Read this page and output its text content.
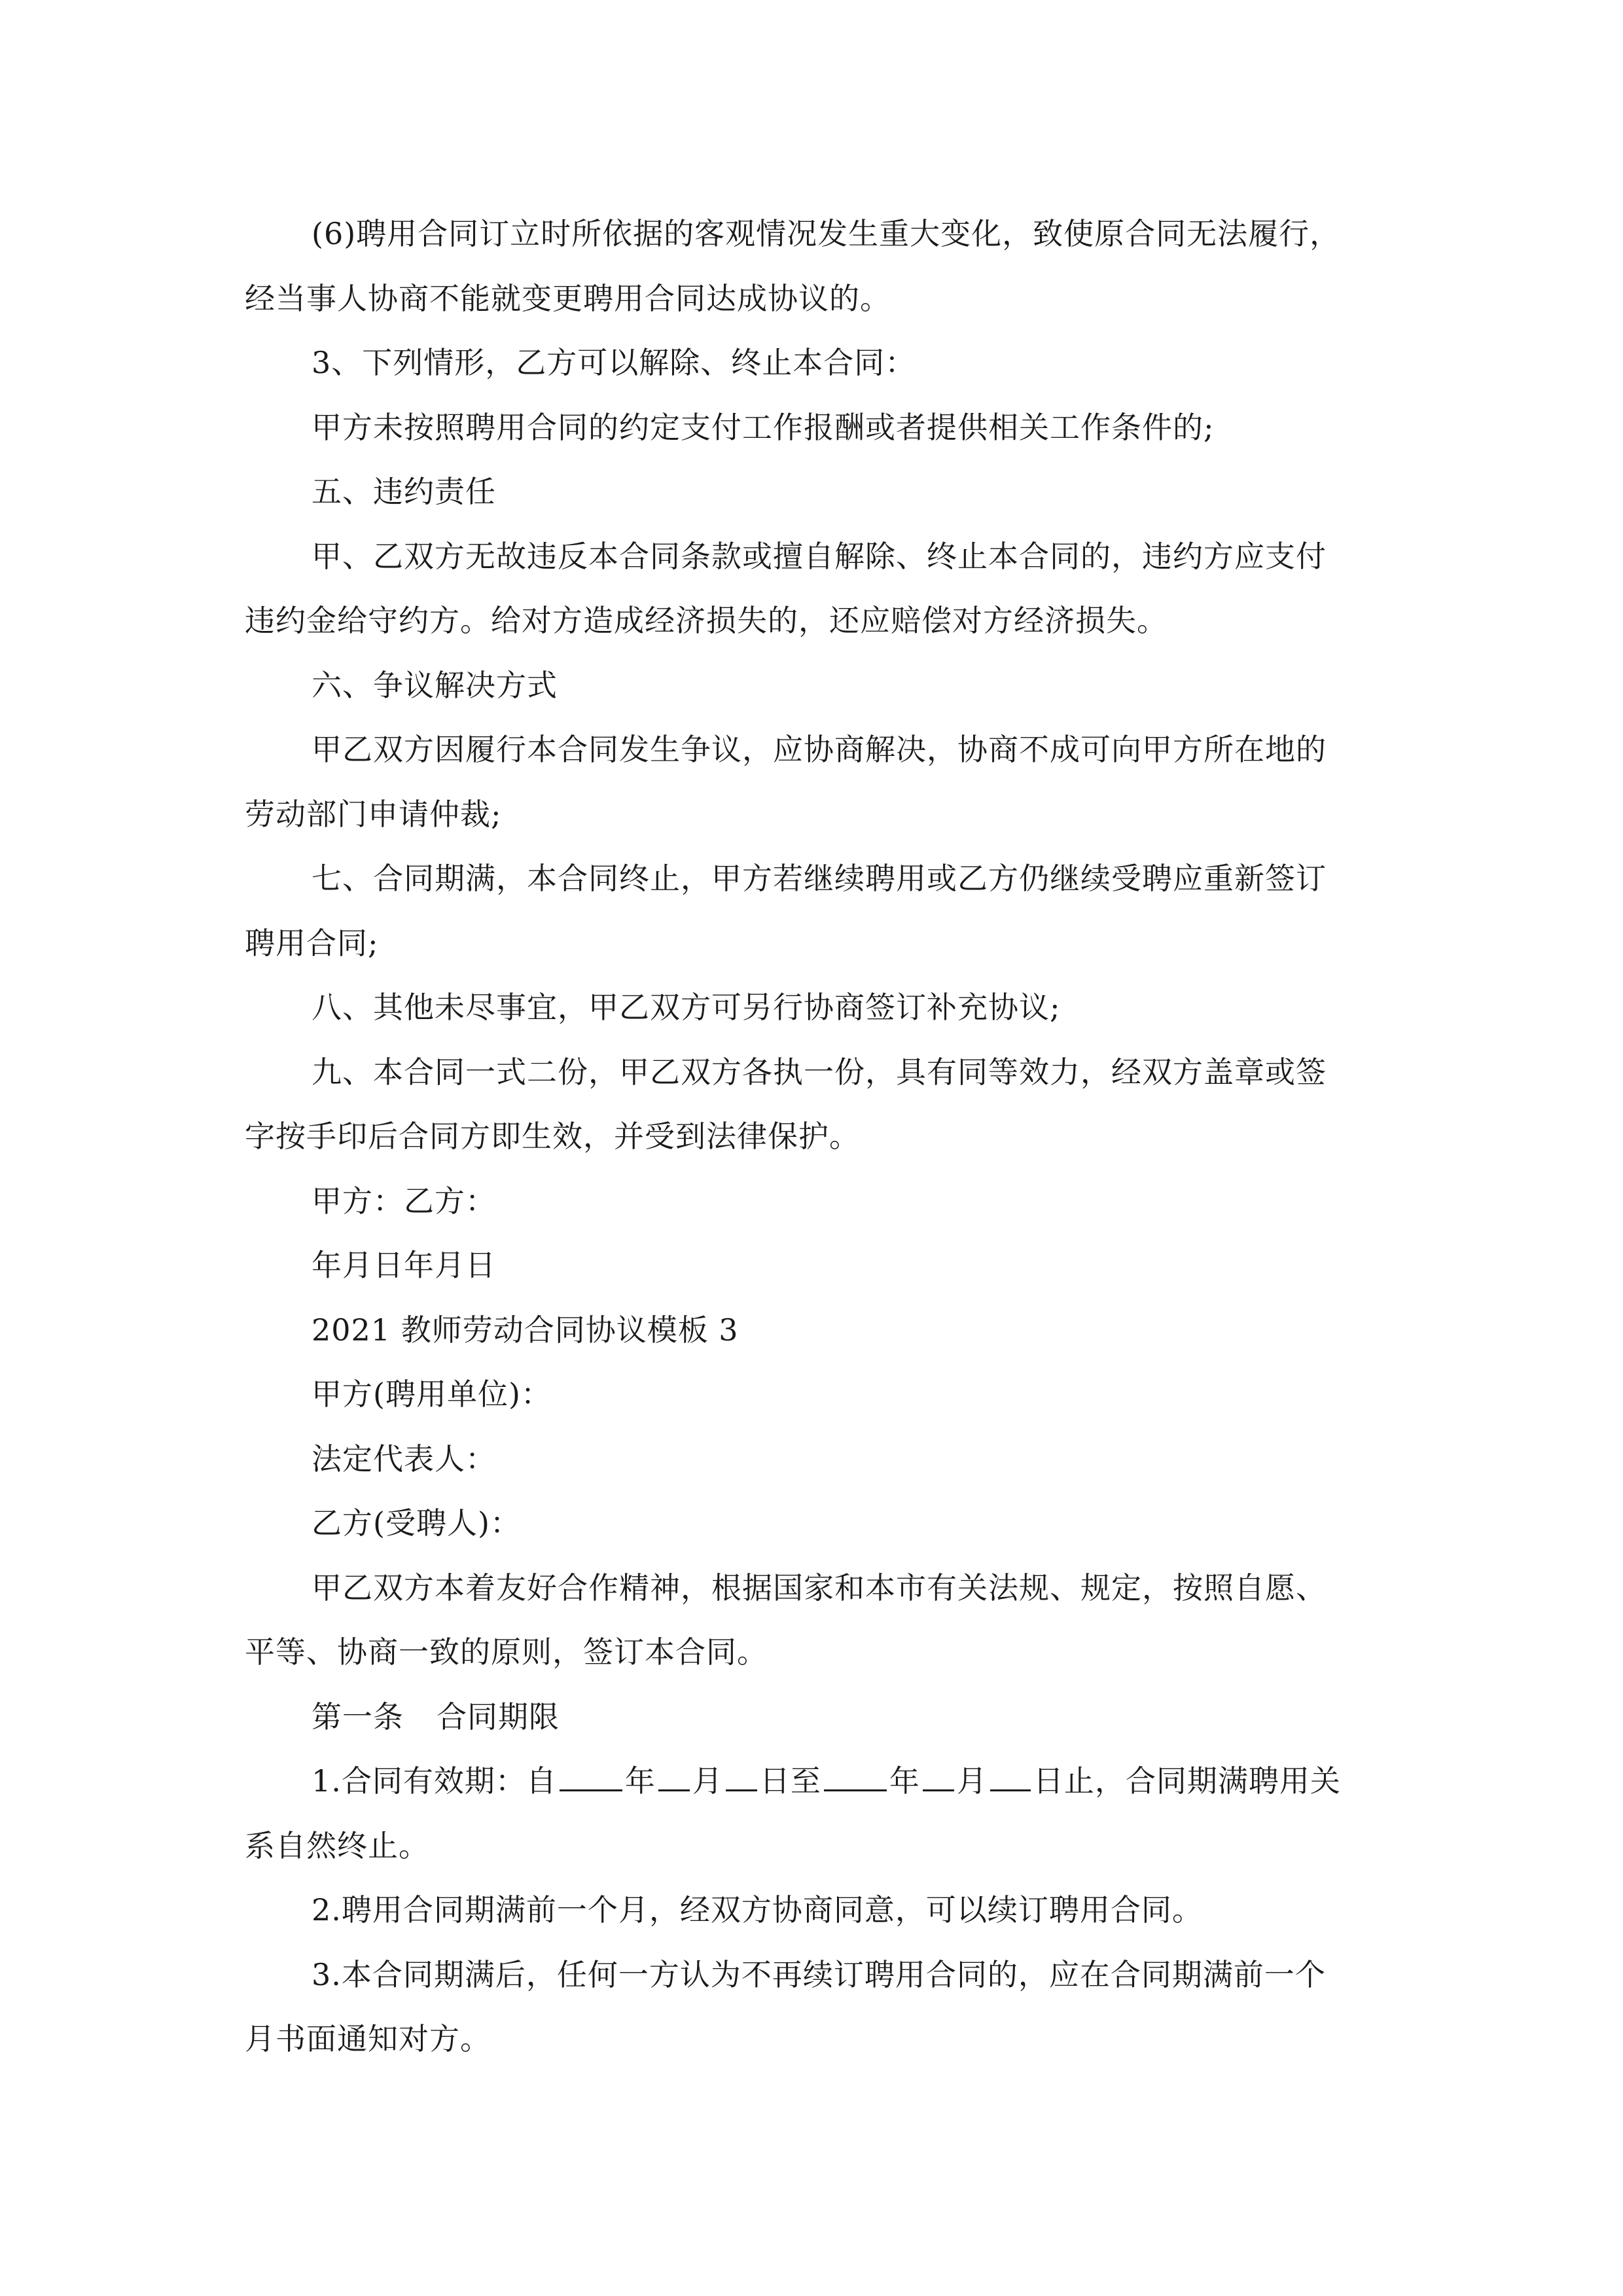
(6)聘用合同订立时所依据的客观情况发生重大变化，致使原合同无法履行，
经当事人协商不能就变更聘用合同达成协议的。
3、下列情形，乙方可以解除、终止本合同：
甲方未按照聘用合同的约定支付工作报酬或者提供相关工作条件的;
五、违约责任
甲、乙双方无故违反本合同条款或擅自解除、终止本合同的，违约方应支付
违约金给守约方。给对方造成经济损失的，还应赔偿对方经济损失。
六、争议解决方式
甲乙双方因履行本合同发生争议，应协商解决，协商不成可向甲方所在地的
劳动部门申请仲裁;
七、合同期满，本合同终止，甲方若继续聘用或乙方仍继续受聘应重新签订
聘用合同;
八、其他未尽事宜，甲乙双方可另行协商签订补充协议;
九、本合同一式二份，甲乙双方各执一份，具有同等效力，经双方盖章或签
字按手印后合同方即生效，并受到法律保护。
甲方：乙方：
年月日年月日
2021 教师劳动合同协议模板 3
甲方(聘用单位)：
法定代表人：
乙方(受聘人)：
甲乙双方本着友好合作精神，根据国家和本市有关法规、规定，按照自愿、
平等、协商一致的原则，签订本合同。
第一条 合同期限
1.合同有效期：自 年 月 日至 年 月 日止，合同期满聘用关
系自然终止。
2.聘用合同期满前一个月，经双方协商同意，可以续订聘用合同。
3.本合同期满后，任何一方认为不再续订聘用合同的，应在合同期满前一个
月书面通知对方。
